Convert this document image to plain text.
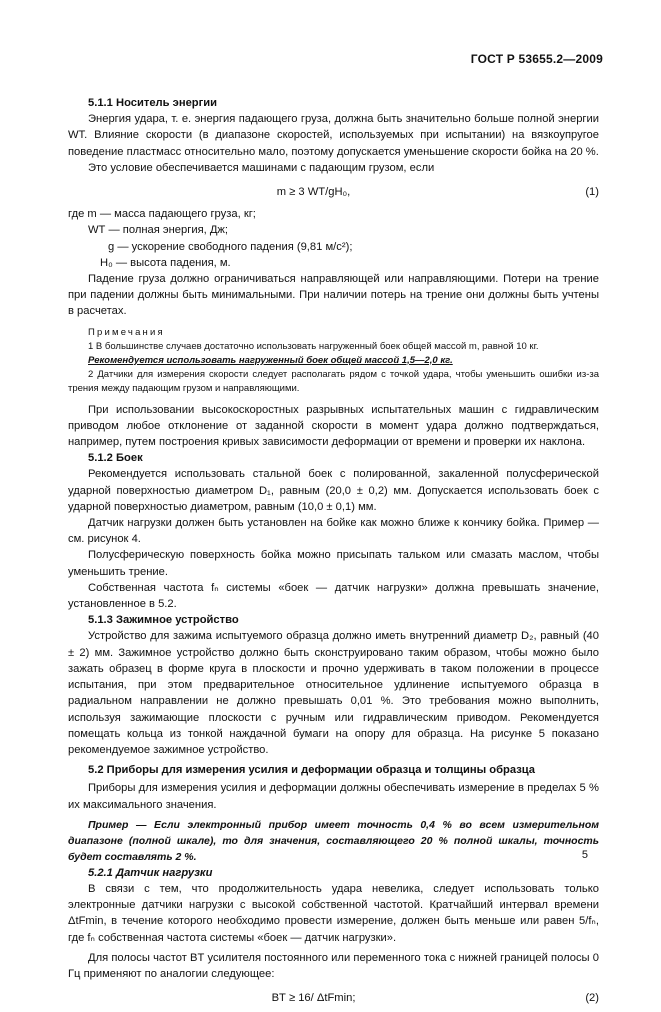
ГОСТ Р 53655.2—2009

5.1.1 Носитель энергии

Энергия удара, т. е. энергия падающего груза, должна быть значительно больше полной энергии WТ. Влияние скорости (в диапазоне скоростей, используемых при испытании) на вязкоупругое поведение пластмасс относительно мало, поэтому допускается уменьшение скорости бойка на 20 %.

Это условие обеспечивается машинами с падающим грузом, если

m ≥ 3 WТ/gH₀,	(1)

где m — масса падающего груза, кг;

WТ — полная энергия, Дж;

g — ускорение свободного падения (9,81 м/с²);

H₀ — высота падения, м.

Падение груза должно ограничиваться направляющей или направляющими. Потери на трение при падении должны быть минимальными. При наличии потерь на трение они должны быть учтены в расчетах.

Примечания

1 В большинстве случаев достаточно использовать нагруженный боек общей массой m, равной 10 кг.

Рекомендуется использовать нагруженный боек общей массой 1,5—2,0 кг.

2 Датчики для измерения скорости следует располагать рядом с точкой удара, чтобы уменьшить ошибки из-за трения между падающим грузом и направляющими.

При использовании высокоскоростных разрывных испытательных машин с гидравлическим приводом любое отклонение от заданной скорости в момент удара должно подтверждаться, например, путем построения кривых зависимости деформации от времени и проверки их наклона.

5.1.2 Боек

Рекомендуется использовать стальной боек с полированной, закаленной полусферической ударной поверхностью диаметром D₁, равным (20,0 ± 0,2) мм. Допускается использовать боек с ударной поверхностью диаметром, равным (10,0 ± 0,1) мм.

Датчик нагрузки должен быть установлен на бойке как можно ближе к кончику бойка. Пример — см. рисунок 4.

Полусферическую поверхность бойка можно присыпать тальком или смазать маслом, чтобы уменьшить трение.

Собственная частота fₙ системы «боек — датчик нагрузки» должна превышать значение, установленное в 5.2.

5.1.3 Зажимное устройство

Устройство для зажима испытуемого образца должно иметь внутренний диаметр D₂, равный (40 ± 2) мм. Зажимное устройство должно быть сконструировано таким образом, чтобы можно было зажать образец в форме круга в плоскости и прочно удерживать в таком положении в процессе испытания, при этом предварительное относительное удлинение испытуемого образца в радиальном направлении не должно превышать 0,01 %. Это требования можно выполнить, используя зажимающие плоскости с ручным или гидравлическим приводом. Рекомендуется помещать кольца из тонкой наждачной бумаги на опору для образца. На рисунке 5 показано рекомендуемое зажимное устройство.

5.2 Приборы для измерения усилия и деформации образца и толщины образца

Приборы для измерения усилия и деформации должны обеспечивать измерение в пределах 5 % их максимального значения.

Пример — Если электронный прибор имеет точность 0,4 % во всем измерительном диапазоне (полной шкале), то для значения, составляющего 20 % полной шкалы, точность будет составлять 2 %.

5.2.1 Датчик нагрузки

В связи с тем, что продолжительность удара невелика, следует использовать только электронные датчики нагрузки с высокой собственной частотой. Кратчайший интервал времени ΔtFmin, в течение которого необходимо провести измерение, должен быть меньше или равен 5/fₙ, где fₙ собственная частота системы «боек — датчик нагрузки».

Для полосы частот BТ усилителя постоянного или переменного тока с нижней границей полосы 0 Гц применяют по аналогии следующее:

BТ ≥ 16/ ΔtFmin;	(2)
5
